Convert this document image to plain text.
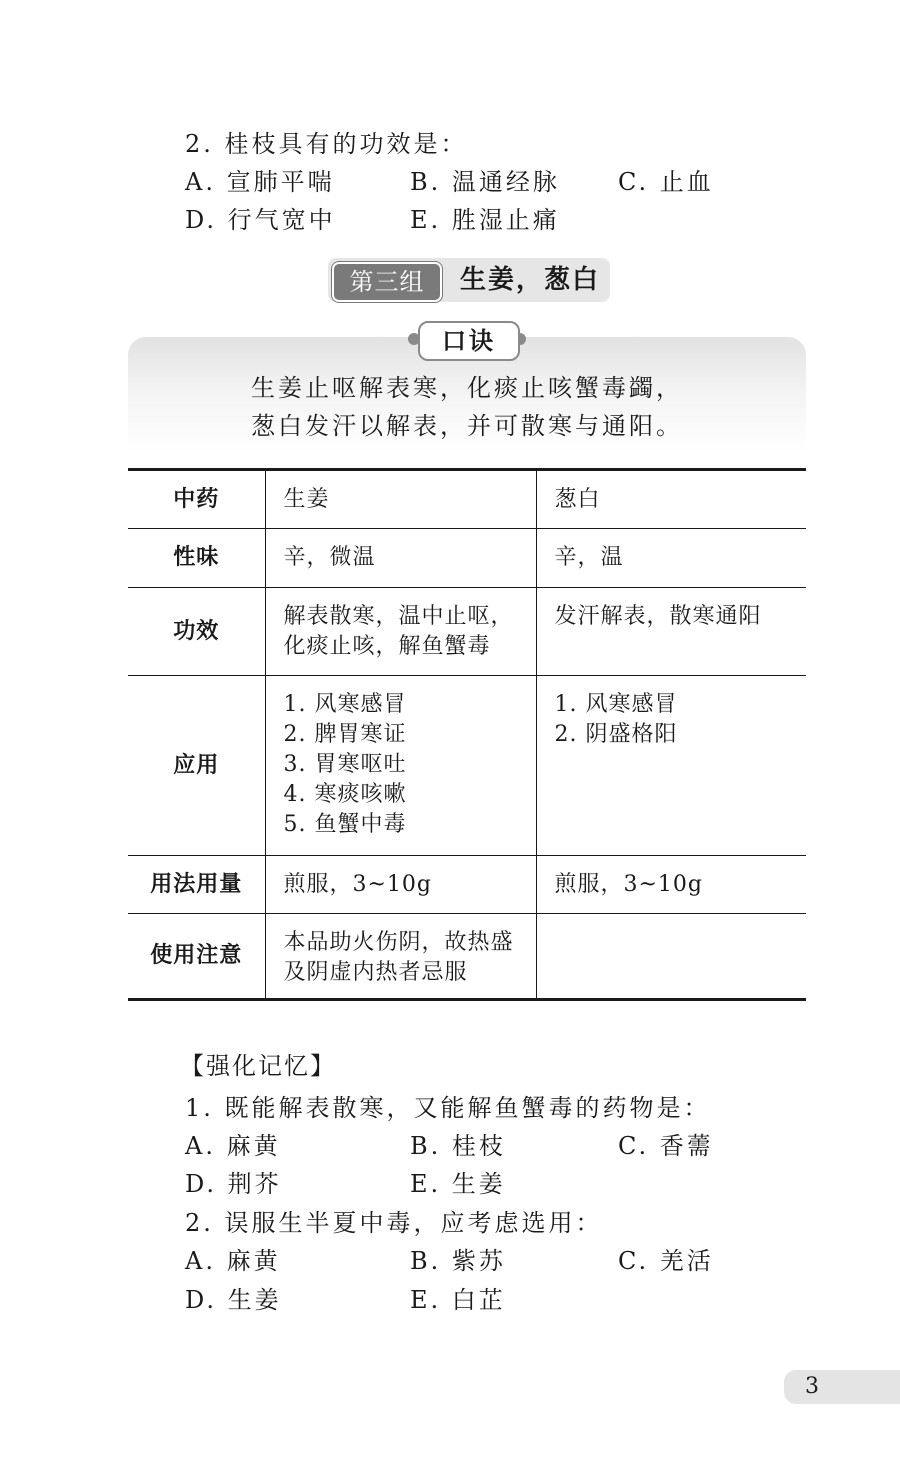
2. 桂枝具有的功效是：
A. 宣肺平喘	B. 温通经脉 C. 止血
D. 行气宽中	E. 胜湿止痛
第三组	生姜，葱白
口诀
生姜止呕解表寒，化痰止咳蟹毒蠲，
葱白发汗以解表，并可散寒与通阳。
中药	生姜	葱白
性味	辛，微温	辛，温
功效	解表散寒，温中止呕，
化痰止咳，解鱼蟹毒	发汗解表，散寒通阳

应用	1. 风寒感冒
2. 脾胃寒证
3. 胃寒呕吐
4. 寒痰咳嗽
5. 鱼蟹中毒	1. 风寒感冒
2. 阴盛格阳

用法用量	煎服，3~10g	煎服，3~10g
使用注意	本品助火伤阴，故热盛
及阴虚内热者忌服	

【强化记忆】
1. 既能解表散寒，又能解鱼蟹毒的药物是：
A. 麻黄	B. 桂枝	C. 香薷
D. 荆芥	E. 生姜
2. 误服生半夏中毒，应考虑选用：
A. 麻黄	B. 紫苏	C. 羌活
D. 生姜	E. 白芷
3
